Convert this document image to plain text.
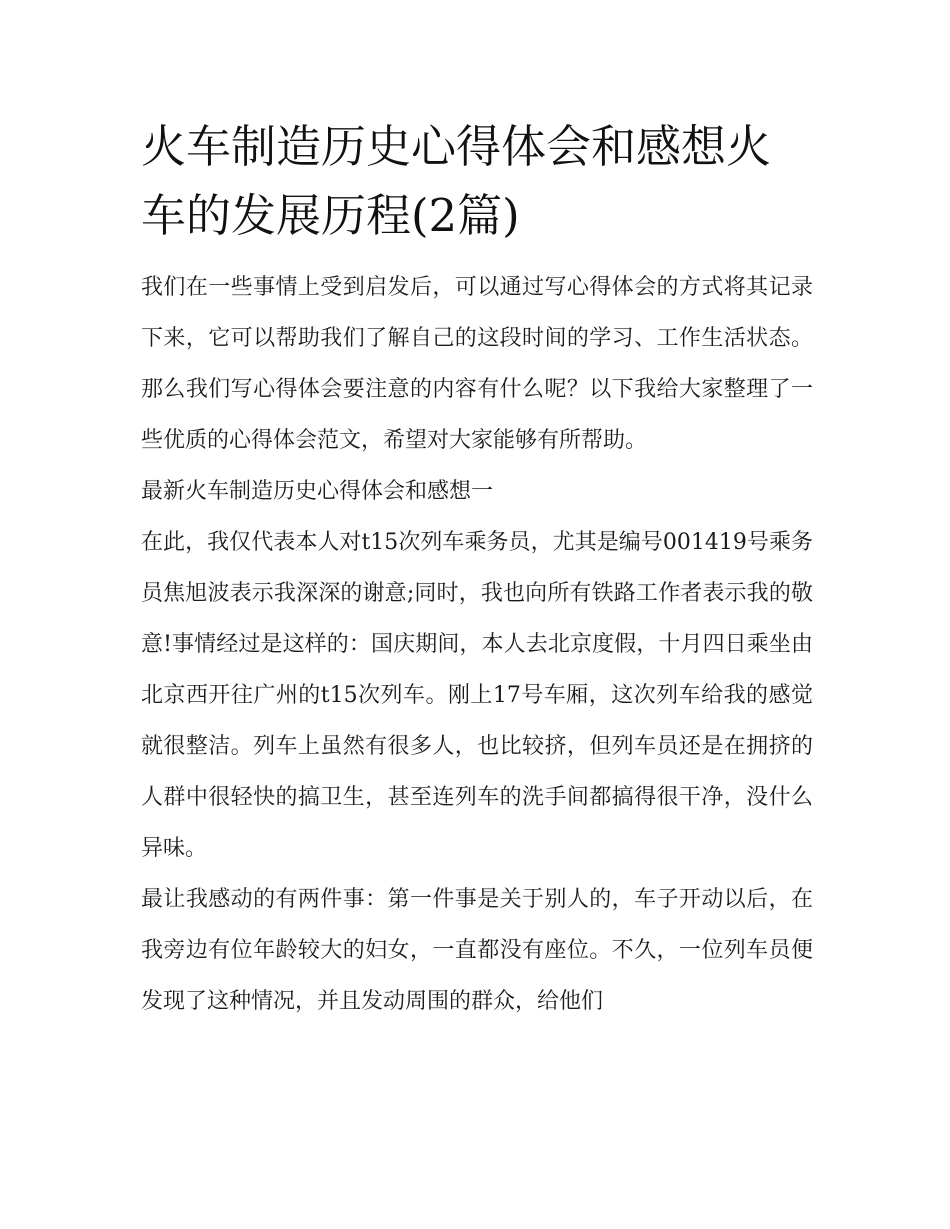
火车制造历史心得体会和感想火车的发展历程(2篇)

我们在一些事情上受到启发后，可以通过写心得体会的方式将其记录下来，它可以帮助我们了解自己的这段时间的学习、工作生活状态。那么我们写心得体会要注意的内容有什么呢？以下我给大家整理了一些优质的心得体会范文，希望对大家能够有所帮助。

最新火车制造历史心得体会和感想一

在此，我仅代表本人对t15次列车乘务员，尤其是编号001419号乘务员焦旭波表示我深深的谢意;同时，我也向所有铁路工作者表示我的敬意!事情经过是这样的：国庆期间，本人去北京度假，十月四日乘坐由北京西开往广州的t15次列车。刚上17号车厢，这次列车给我的感觉就很整洁。列车上虽然有很多人，也比较挤，但列车员还是在拥挤的人群中很轻快的搞卫生，甚至连列车的洗手间都搞得很干净，没什么异味。

最让我感动的有两件事：第一件事是关于别人的，车子开动以后，在我旁边有位年龄较大的妇女，一直都没有座位。不久，一位列车员便发现了这种情况，并且发动周围的群众，给他们
